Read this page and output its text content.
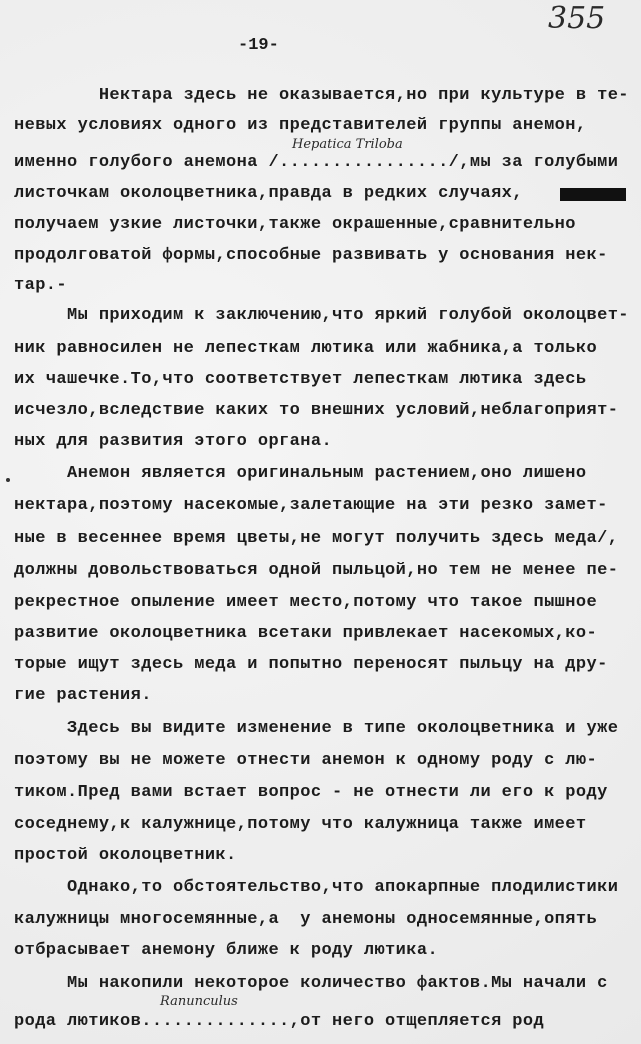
-19-
355
Hepatica Triloba
Ranunculus
Нектара здесь не оказывается,но при культуре в те-
невых условиях одного из представителей группы анемон,
именно голубого анемона /................/,мы за голубыми
листочкам околоцветника,правда в редких случаях,
получаем узкие листочки,также окрашенные,сравнительно
продолговатой формы,способные развивать у основания нек-
тар.-
Мы приходим к заключению,что яркий голубой околоцвет-
ник равносилен не лепесткам лютика или жабника,а только
их чашечке.То,что соответствует лепесткам лютика здесь
исчезло,вследствие каких то внешних условий,неблагоприят-
ных для развития этого органа.
Анемон является оригинальным растением,оно лишено
нектара,поэтому насекомые,залетающие на эти резко замет-
ные в весеннее время цветы,не могут получить здесь меда/,
должны довольствоваться одной пыльцой,но тем не менее пе-
рекрестное опыление имеет место,потому что такое пышное
развитие околоцветника всетаки привлекает насекомых,ко-
торые ищут здесь меда и попытно переносят пыльцу на дру-
гие растения.
Здесь вы видите изменение в типе околоцветника и уже
поэтому вы не можете отнести анемон к одному роду с лю-
тиком.Пред вами встает вопрос - не отнести ли его к роду
соседнему,к калужнице,потому что калужница также имеет
простой околоцветник.
Однако,то обстоятельство,что апокарпные плодилистики
калужницы многосемянные,а  у анемоны односемянные,опять
отбрасывает анемону ближе к роду лютика.
Мы накопили некоторое количество фактов.Мы начали с
рода лютиков..............,от него отщепляется род
